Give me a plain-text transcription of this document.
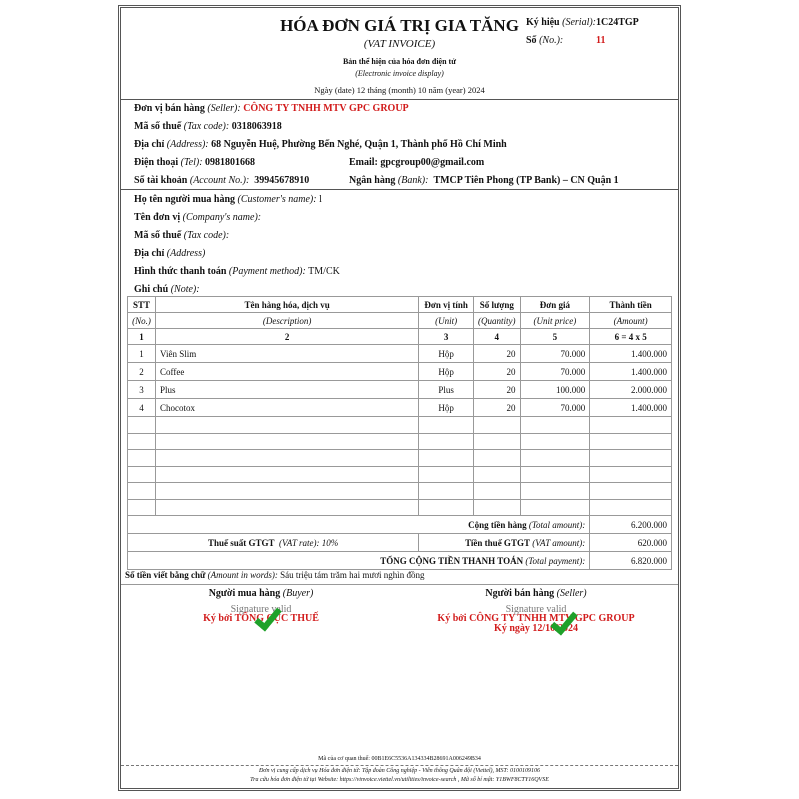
HÓA ĐƠN GIÁ TRỊ GIA TĂNG
(VAT INVOICE)
Bản thể hiện của hóa đơn điện tử
(Electronic invoice display)
Ngày (date) 12 tháng (month) 10 năm (year) 2024
Ký hiệu (Serial): 1C24TGP
Số (No.):	11
Đơn vị bán hàng (Seller): CÔNG TY TNHH MTV GPC GROUP
Mã số thuế (Tax code): 0318063918
Địa chỉ (Address): 68 Nguyễn Huệ, Phường Bến Nghé, Quận 1, Thành phố Hồ Chí Minh
Điện thoại (Tel): 0981801668	Email: gpcgroup00@gmail.com
Số tài khoản (Account No.): 39945678910	Ngân hàng (Bank): TMCP Tiên Phong (TP Bank) – CN Quận 1
Họ tên người mua hàng (Customer's name): l
Tên đơn vị (Company's name):
Mã số thuế (Tax code):
Địa chỉ (Address)
Hình thức thanh toán (Payment method): TM/CK
Ghi chú (Note):
STT	Tên hàng hóa, dịch vụ	Đơn vị tính	Số lượng	Đơn giá	Thành tiền
(No.)	(Description)	(Unit)	(Quantity)	(Unit price)	(Amount)
1	2	3	4	5	6 = 4 x 5
1	Viên Slim	Hộp	20	70.000	1.400.000
2	Coffee	Hộp	20	70.000	1.400.000
3	Plus	Plus	20	100.000	2.000.000
4	Chocotox	Hộp	20	70.000	1.400.000

Cộng tiền hàng (Total amount):					6.200.000
Thuế suất GTGT (VAT rate): 10%		Tiền thuế GTGT (VAT amount):			620.000
TỔNG CỘNG TIỀN THANH TOÁN (Total payment):					6.820.000
Số tiền viết bằng chữ (Amount in words): Sáu triệu tám trăm hai mươi nghìn đồng
Người mua hàng (Buyer)
Signature valid
Ký bởi TỔNG CỤC THUẾ
Người bán hàng (Seller)
Signature valid
Ký bởi CÔNG TY TNHH MTV GPC GROUP
Ký ngày 12/10/2024
Mã của cơ quan thuế: 00B1E6C5536A134334B28691A006249B34
Đơn vị cung cấp dịch vụ Hóa đơn điện tử: Tập đoàn Công nghiệp - Viễn thông Quân đội (Viettel), MST: 0100109106
Tra cứu hóa đơn điện tử tại Website: https://vinvoice.viettel.vn/utilities/invoice-search , Mã số bí mật: Y1BWF8CTY16QVSE
